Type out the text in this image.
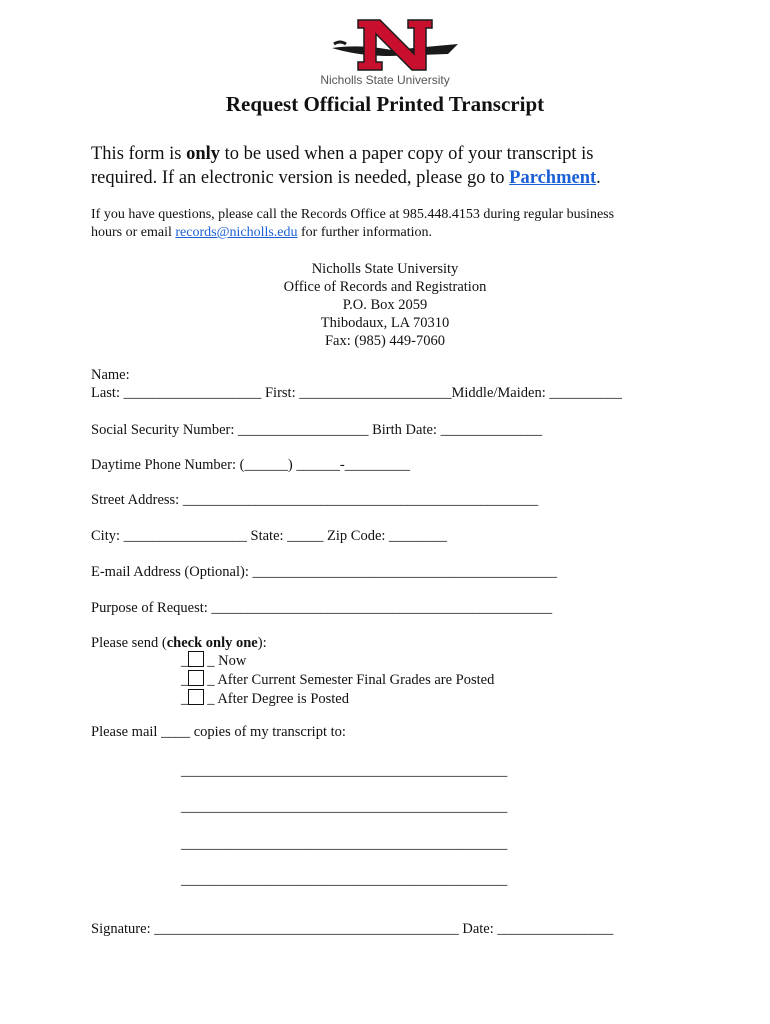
Nicholls State University
Request Official Printed Transcript
This form is only to be used when a paper copy of your transcript is
required. If an electronic version is needed, please go to Parchment.
If you have questions, please call the Records Office at 985.448.4153 during regular business
hours or email records@nicholls.edu for further information.
Nicholls State University
Office of Records and Registration
P.O. Box 2059
Thibodaux, LA 70310
Fax: (985) 449-7060
Name:
Last: ___________________ First: _____________________Middle/Maiden: __________
Social Security Number: __________________ Birth Date: ______________
Daytime Phone Number: (______) ______-_________
Street Address: _________________________________________________
City: _________________ State: _____ Zip Code: ________
E-mail Address (Optional): __________________________________________
Purpose of Request: _______________________________________________
Please send (check only one):
_ _ Now
_ _ After Current Semester Final Grades are Posted
_ _ After Degree is Posted
Please mail ____ copies of my transcript to:
_____________________________________________
_____________________________________________
_____________________________________________
_____________________________________________
Signature: __________________________________________ Date: ________________
